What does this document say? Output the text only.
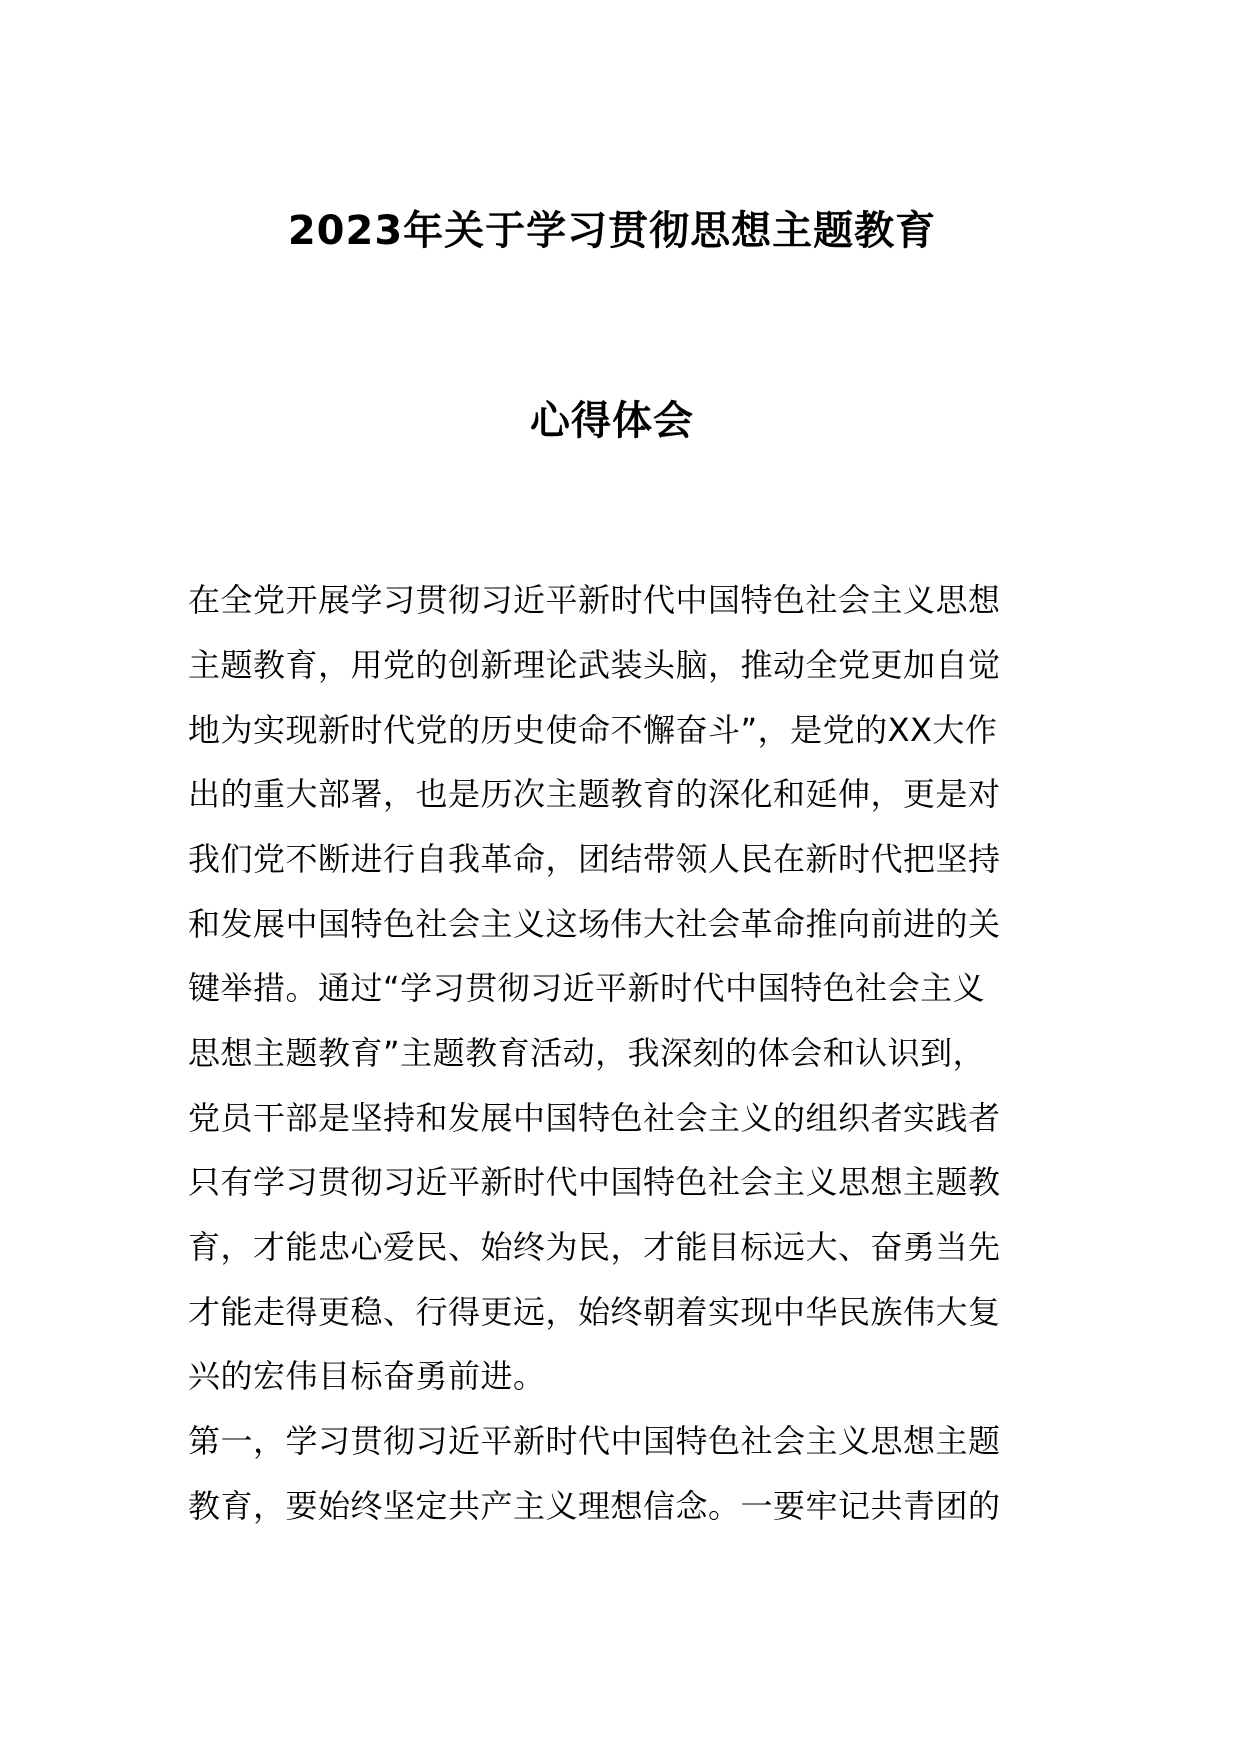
2023年关于学习贯彻思想主题教育
心得体会
在全党开展学习贯彻习近平新时代中国特色社会主义思想
主题教育，用党的创新理论武装头脑，推动全党更加自觉
地为实现新时代党的历史使命不懈奋斗”，是党的XX大作
出的重大部署，也是历次主题教育的深化和延伸，更是对
我们党不断进行自我革命，团结带领人民在新时代把坚持
和发展中国特色社会主义这场伟大社会革命推向前进的关
键举措。通过“学习贯彻习近平新时代中国特色社会主义
思想主题教育”主题教育活动，我深刻的体会和认识到，
党员干部是坚持和发展中国特色社会主义的组织者实践者
只有学习贯彻习近平新时代中国特色社会主义思想主题教
育，才能忠心爱民、始终为民，才能目标远大、奋勇当先
才能走得更稳、行得更远，始终朝着实现中华民族伟大复
兴的宏伟目标奋勇前进。
第一，学习贯彻习近平新时代中国特色社会主义思想主题
教育，要始终坚定共产主义理想信念。一要牢记共青团的
